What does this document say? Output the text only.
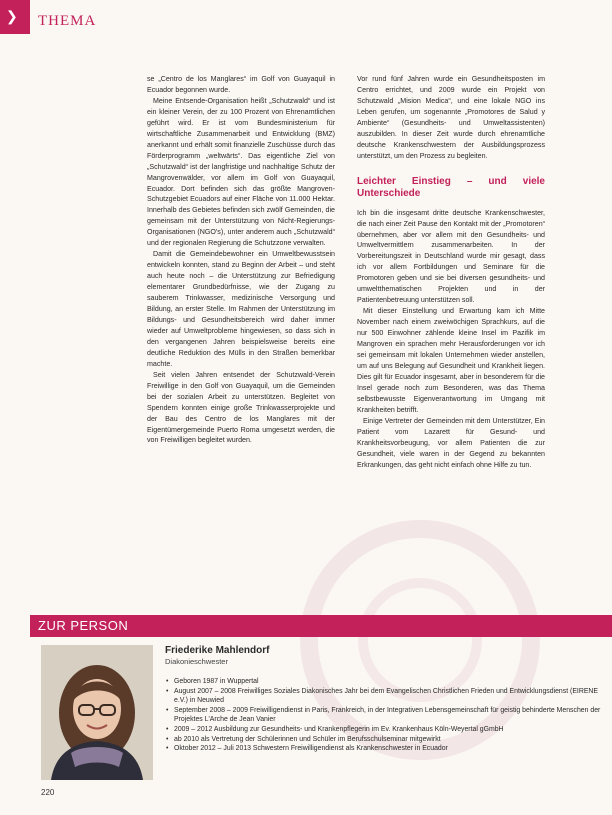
❯ THEMA

se „Centro de los Manglares“ im Golf von Guayaquil in Ecuador begonnen wurde.

Meine Entsende-Organisation heißt „Schutzwald“ und ist ein kleiner Verein, der zu 100 Prozent von Ehrenamtlichen geführt wird. Er ist vom Bundesministerium für wirtschaftliche Zusammenarbeit und Entwicklung (BMZ) anerkannt und erhält somit finanzielle Zuschüsse durch das Förderprogramm „weltwärts“. Das eigentliche Ziel von „Schutzwald“ ist der langfristige und nachhaltige Schutz der Mangrovenwälder, vor allem im Golf von Guayaquil, Ecuador. Dort befinden sich das größte Mangroven-Schutzgebiet Ecuadors auf einer Fläche von 11.000 Hektar. Innerhalb des Gebietes befinden sich zwölf Gemeinden, die gemeinsam mit der Unterstützung von Nicht-Regierungs-Organisationen (NGO's), unter anderem auch „Schutzwald“ und der regionalen Regierung die Schutzzone verwalten.

Damit die Gemeindebewohner ein Umweltbewusstsein entwickeln konnten, stand zu Beginn der Arbeit – und steht auch heute noch – die Unterstützung zur Befriedigung elementarer Grundbedürfnisse, wie der Zugang zu sauberem Trinkwasser, medizinische Versorgung und Bildung, an erster Stelle. Im Rahmen der Unterstützung im Bildungs- und Gesundheitsbereich wird daher immer wieder auf Umweltprobleme hingewiesen, so dass sich in den vergangenen Jahren beispielsweise bereits eine deutliche Reduktion des Mülls in den Straßen bemerkbar machte.

Seit vielen Jahren entsendet der Schutzwald-Verein Freiwillige in den Golf von Guayaquil, um die Gemeinden bei der sozialen Arbeit zu unterstützen. Begleitet von Spendern konnten einige große Trinkwasserprojekte und der Bau des Centro de los Manglares mit der Eigentümergemeinde Puerto Roma umgesetzt werden, die von Freiwilligen begleitet wurden.

Vor rund fünf Jahren wurde ein Gesundheitsposten im Centro errichtet, und 2009 wurde ein Projekt von Schutzwald „Mision Medica“, und eine lokale NGO ins Leben gerufen, um sogenannte „Promotores de Salud y Ambiente“ (Gesundheits- und Umweltassistenten) auszubilden. In dieser Zeit wurde durch ehrenamtliche deutsche Krankenschwestern der Ausbildungsprozess unterstützt, um den Prozess zu begleiten.

Leichter Einstieg – und viele Unterschiede

Ich bin die insgesamt dritte deutsche Krankenschwester, die nach einer Zeit Pause den Kontakt mit der „Promotoren“ übernehmen, aber vor allem mit den Gesundheits- und Umweltvermittlern zusammenarbeiten. In der Vorbereitungszeit in Deutschland wurde mir gesagt, dass ich vor allem Fortbildungen und Seminare für die Promotoren geben und sie bei diversen gesundheits- und umweltthematischen Projekten und in der Patientenbetreuung unterstützen soll.

Mit dieser Einstellung und Erwartung kam ich Mitte November nach einem zweiwöchigen Sprachkurs, auf die nur 500 Einwohner zählende kleine Insel im Pazifik im Mangroven ein sprachen mehr Herausforderungen vor ich sei gemeinsam mit lokalen Unternehmen wieder anstellen, um auf uns Belegung auf Gesundheit und Krankheit liegen. Dies gilt für Ecuador insgesamt, aber in besonderem für die Insel gerade noch zum Besonderen, was das Thema selbstbewusste Eigenverantwortung im Umgang mit Krankheiten betrifft.

Einige Vertreter der Gemeinden mit dem Unterstützer, Ein Patient vom Lazarett für Gesund- und Krankheitsvorbeugung, vor allem Patienten die zur Gesundheit, viele waren in der Gegend zu bekannten Erkrankungen, das geht nicht einfach ohne Hilfe zu tun.

ZUR PERSON
Friederike Mahlendorf
Diakonieschwester
• Geboren 1987 in Wuppertal
• August 2007 – 2008 Freiwilliges Soziales Diakonisches Jahr bei dem Evangelischen Christlichen Frieden und Entwicklungsdienst (EIRENE e.V.) in Neuwied
• September 2008 – 2009 Freiwilligendienst in Paris, Frankreich, in der Integrativen Lebensgemeinschaft für geistig behinderte Menschen der Projektes L'Arche de Jean Vanier
• 2009 – 2012 Ausbildung zur Gesundheits- und Krankenpflegerin im Ev. Krankenhaus Köln-Weyertal gGmbH
• ab 2010 als Vertretung der Schülerinnen und Schüler im Berufsschulseminar mitgewirkt
• Oktober 2012 – Juli 2013 Schwestern Freiwilligendienst als Krankenschwester in Ecuador
220
